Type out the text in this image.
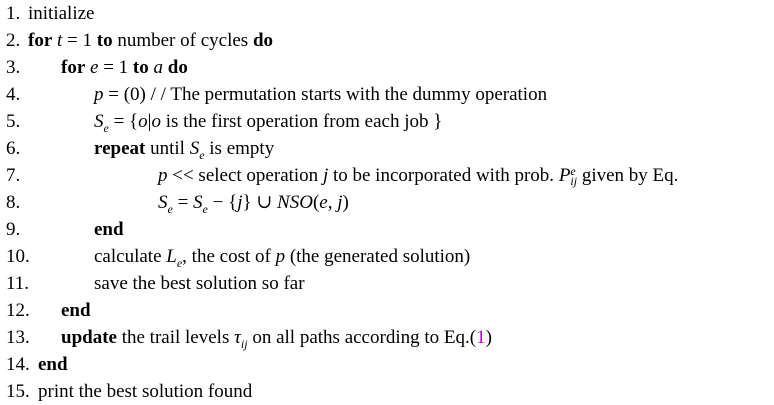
1. initialize
2. for t = 1 to number of cycles do
3. for e = 1 to a do
4.	p = (0) / / The permutation starts with the dummy operation
5.	$S_e = \{o|o$ is the first operation from each job }
6.	repeat until $S_e$ is empty
7.	p << select operation j to be incorporated with prob. P e
ij given by Eq.
8.	$S_e = S_e - \{j\}$ ∪ NSO(e, j)
9.	end
10.	calculate $L_e$, the cost of p (the generated solution)
11.	save the best solution so far
12. end
13. update the trail levels $\tau_{ij}$ on all paths according to Eq.(1)
14. end
15. print the best solution found
